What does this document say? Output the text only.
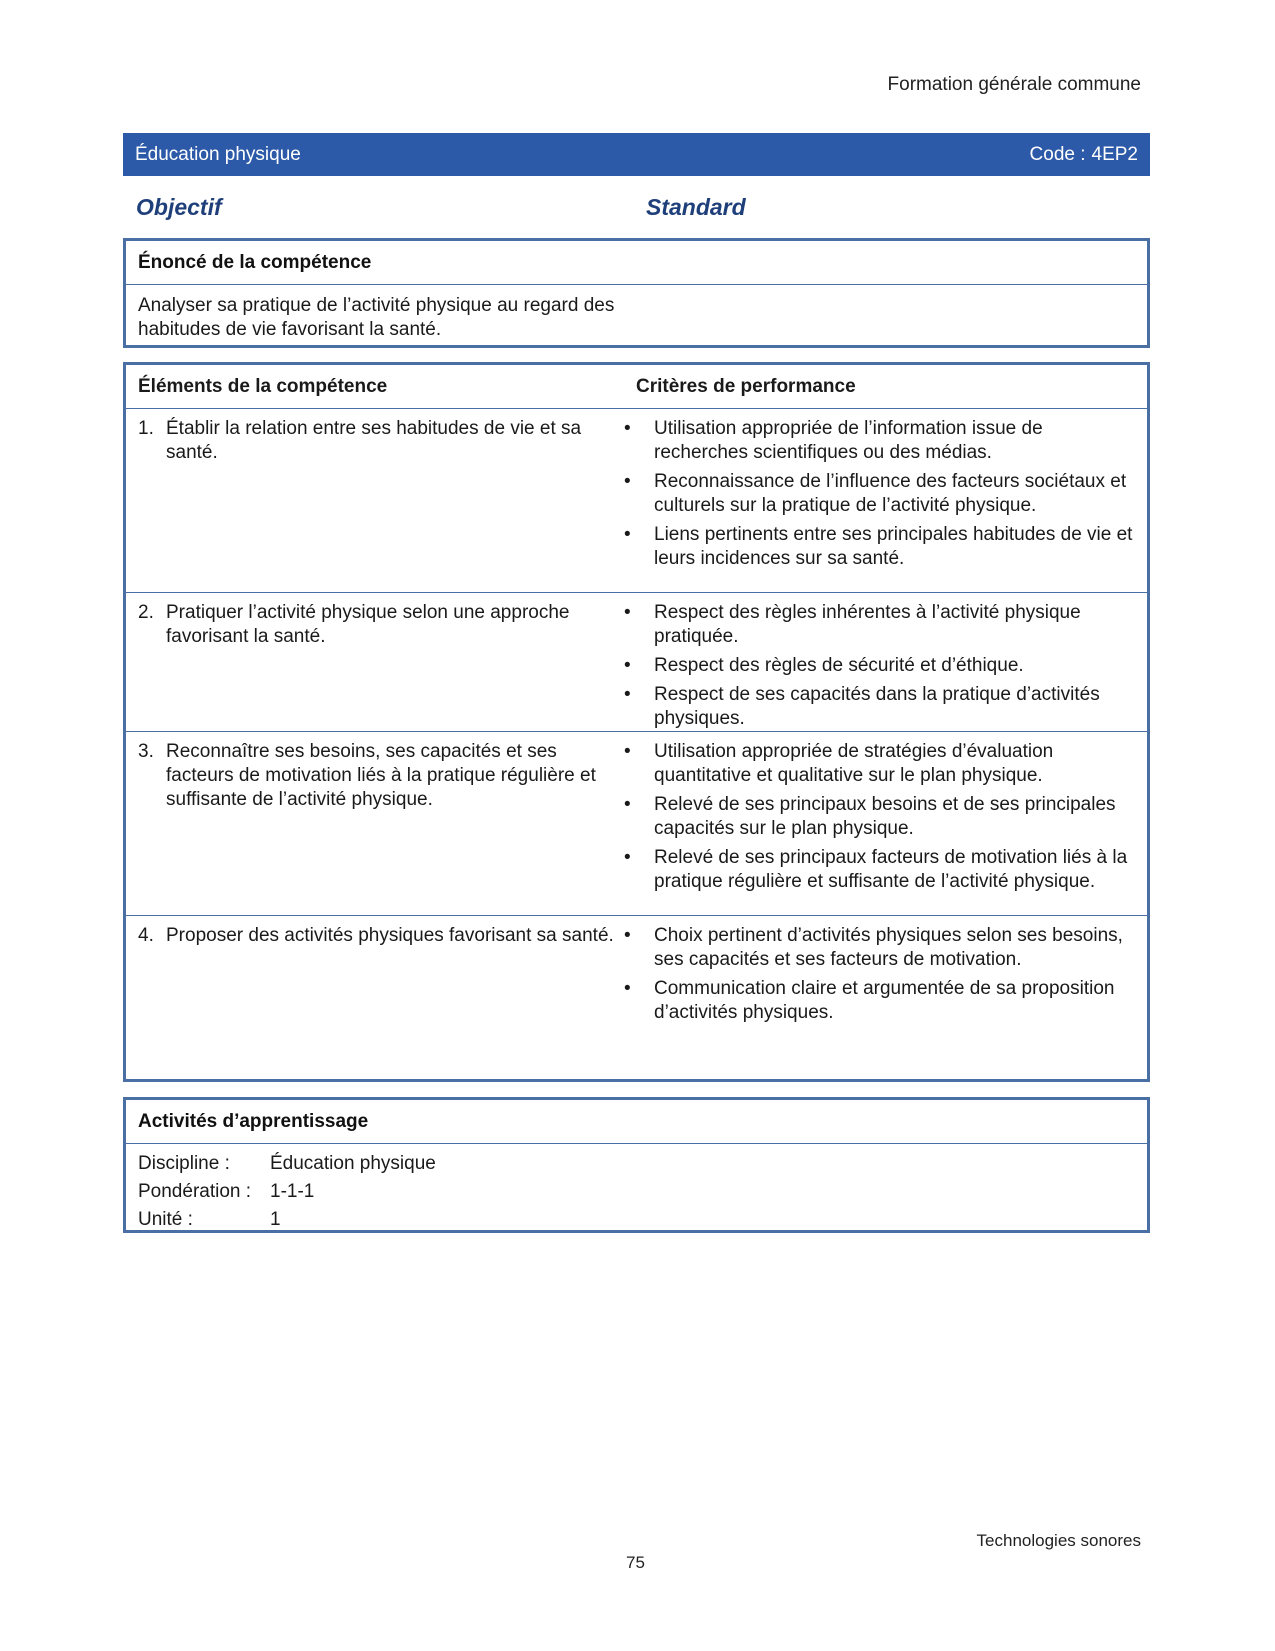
Formation générale commune
Éducation physique	Code : 4EP2
Objectif	Standard
Énoncé de la compétence
Analyser sa pratique de l’activité physique au regard des habitudes de vie favorisant la santé.
Éléments de la compétence	Critères de performance
1. Établir la relation entre ses habitudes de vie et sa santé.
•	Utilisation appropriée de l’information issue de recherches scientifiques ou des médias.
•	Reconnaissance de l’influence des facteurs sociétaux et culturels sur la pratique de l’activité physique.
•	Liens pertinents entre ses principales habitudes de vie et leurs incidences sur sa santé.
2. Pratiquer l’activité physique selon une approche favorisant la santé.
•	Respect des règles inhérentes à l’activité physique pratiquée.
•	Respect des règles de sécurité et d’éthique.
•	Respect de ses capacités dans la pratique d’activités physiques.
3. Reconnaître ses besoins, ses capacités et ses facteurs de motivation liés à la pratique régulière et suffisante de l’activité physique.
•	Utilisation appropriée de stratégies d’évaluation quantitative et qualitative sur le plan physique.
•	Relevé de ses principaux besoins et de ses principales capacités sur le plan physique.
•	Relevé de ses principaux facteurs de motivation liés à la pratique régulière et suffisante de l’activité physique.
4. Proposer des activités physiques favorisant sa santé. •	Choix pertinent d’activités physiques selon ses besoins, ses capacités et ses facteurs de motivation.
•	Communication claire et argumentée de sa proposition d’activités physiques.
Activités d’apprentissage
Discipline :	Éducation physique
Pondération : 1-1-1
Unité :	1
Technologies sonores
75
